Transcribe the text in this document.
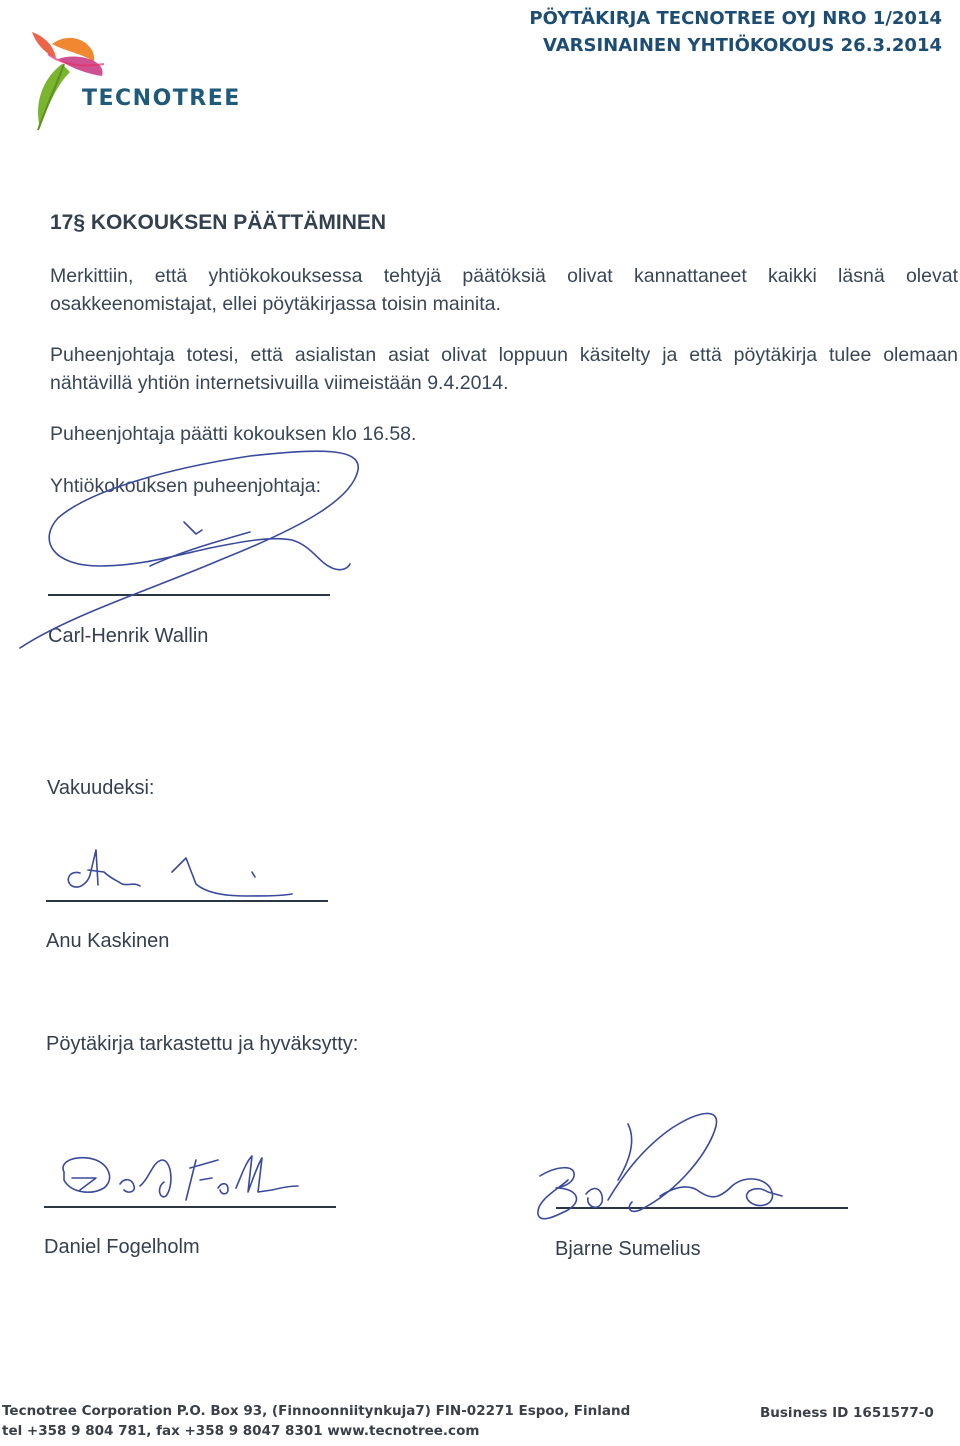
TECNOTREE
PÖYTÄKIRJA TECNOTREE OYJ NRO 1/2014
VARSINAINEN YHTIÖKOKOUS 26.3.2014
17§ KOKOUKSEN PÄÄTTÄMINEN
Merkittiin, että yhtiökokouksessa tehtyjä päätöksiä olivat kannattaneet kaikki läsnä olevat
osakkeenomistajat, ellei pöytäkirjassa toisin mainita.
Puheenjohtaja totesi, että asialistan asiat olivat loppuun käsitelty ja että pöytäkirja tulee olemaan
nähtävillä yhtiön internetsivuilla viimeistään 9.4.2014.
Puheenjohtaja päätti kokouksen klo 16.58.
Yhtiökokouksen puheenjohtaja:
Carl-Henrik Wallin
Vakuudeksi:
Anu Kaskinen
Pöytäkirja tarkastettu ja hyväksytty:
Daniel Fogelholm	Bjarne Sumelius
Tecnotree Corporation P.O. Box 93, (Finnoonniitynkuja7) FIN-02271 Espoo, Finland
tel +358 9 804 781, fax +358 9 8047 8301 www.tecnotree.com
Business ID 1651577-0
